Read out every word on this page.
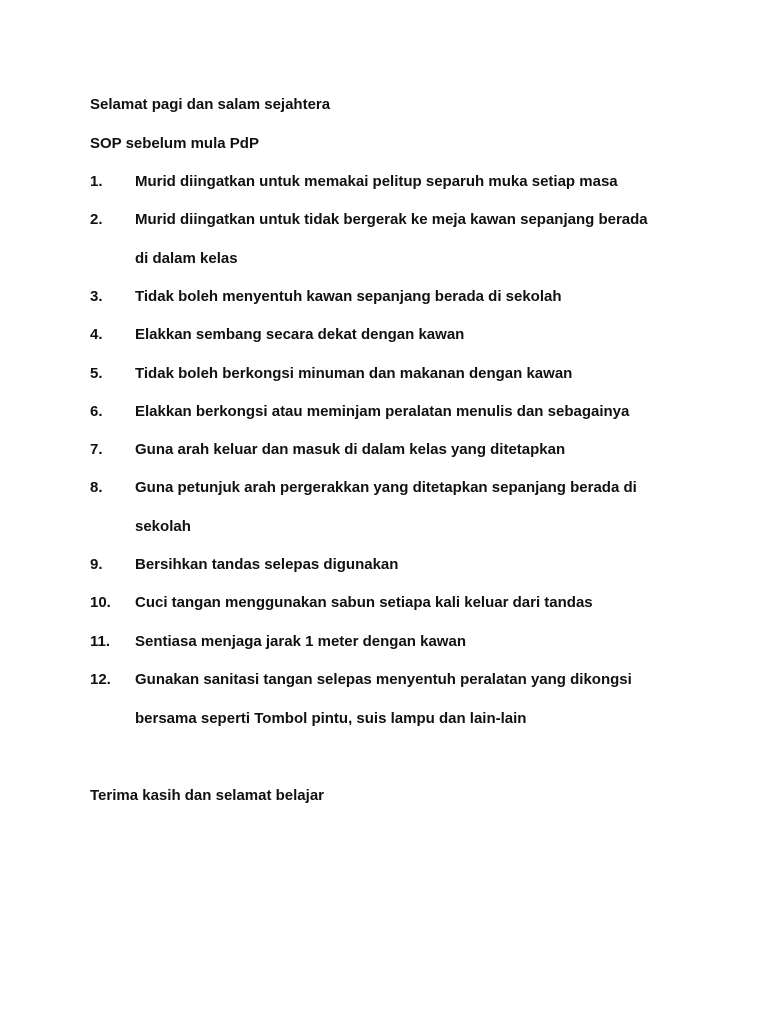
Selamat pagi dan salam sejahtera
SOP sebelum mula PdP
1. Murid diingatkan untuk memakai pelitup separuh muka setiap masa
2. Murid diingatkan untuk tidak bergerak ke meja kawan sepanjang berada
di dalam kelas
3. Tidak boleh menyentuh kawan sepanjang berada di sekolah
4. Elakkan sembang secara dekat dengan kawan
5. Tidak boleh berkongsi minuman dan makanan dengan kawan
6. Elakkan berkongsi atau meminjam peralatan menulis dan sebagainya
7. Guna arah keluar dan masuk di dalam kelas yang ditetapkan
8. Guna petunjuk arah pergerakkan yang ditetapkan sepanjang berada di
sekolah
9. Bersihkan tandas selepas digunakan
10. Cuci tangan menggunakan sabun setiapa kali keluar dari tandas
11. Sentiasa menjaga jarak 1 meter dengan kawan
12. Gunakan sanitasi tangan selepas menyentuh peralatan yang dikongsi
bersama seperti Tombol pintu, suis lampu dan lain-lain
Terima kasih dan selamat belajar
